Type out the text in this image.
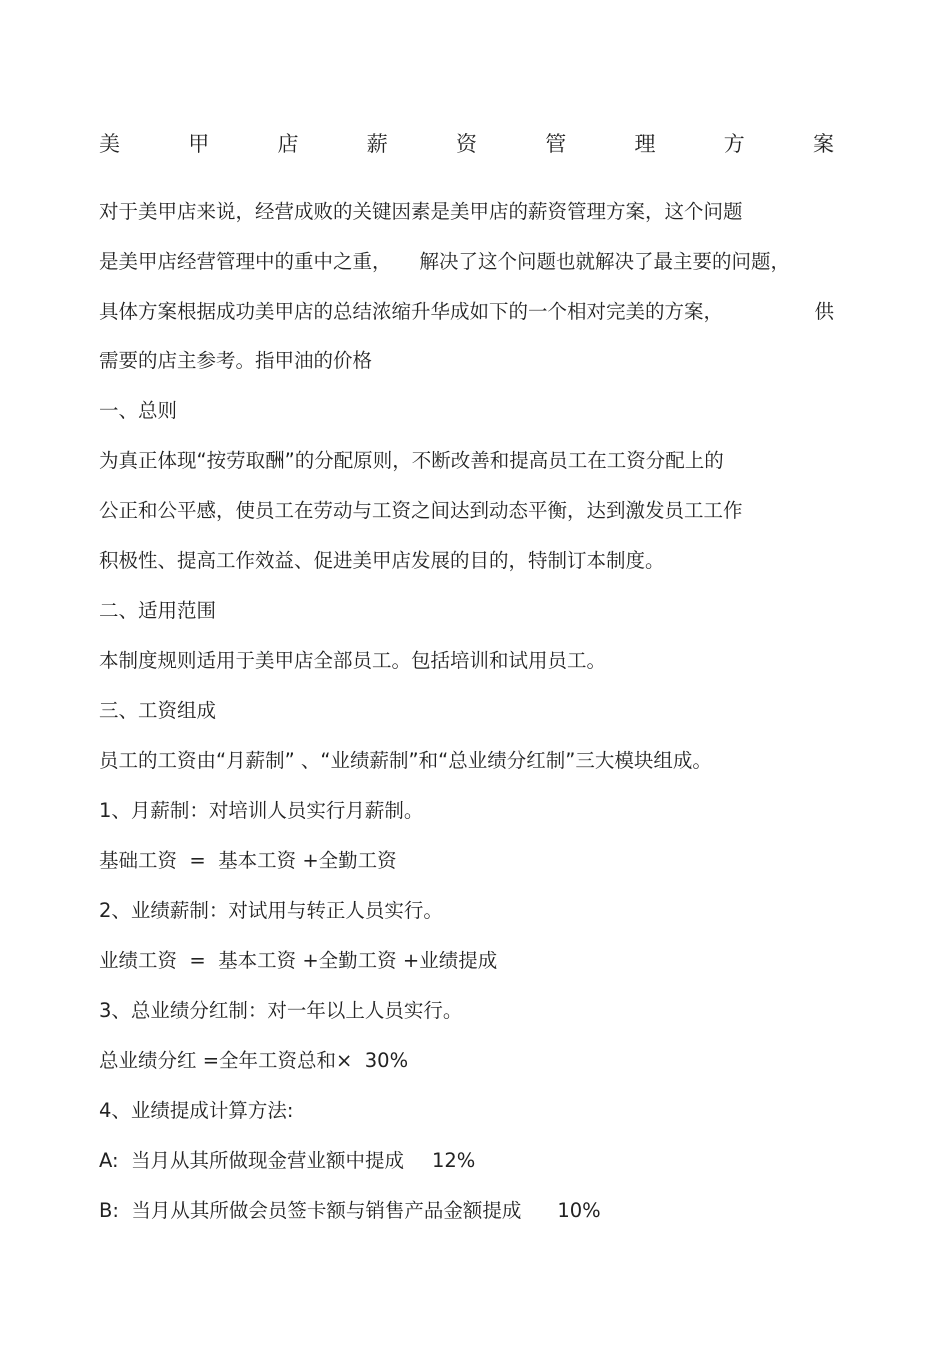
美	甲	店	薪	资	管	理	方	案

对于美甲店来说，经营成败的关键因素是美甲店的薪资管理方案，这个问题

是美甲店经营管理中的重中之重， 解决了这个问题也就解决了最主要的问题，

具体方案根据成功美甲店的总结浓缩升华成如下的一个相对完美的方案，	供

需要的店主参考。指甲油的价格

一、总则

为真正体现“按劳取酬”的分配原则，不断改善和提高员工在工资分配上的

公正和公平感，使员工在劳动与工资之间达到动态平衡，达到激发员工工作

积极性、提高工作效益、促进美甲店发展的目的，特制订本制度。

二、适用范围

本制度规则适用于美甲店全部员工。包括培训和试用员工。

三、工资组成

员工的工资由“月薪制” 、“业绩薪制”和“总业绩分红制”三大模块组成。

1、月薪制：对培训人员实行月薪制。

基础工资  =  基本工资 +全勤工资

2、业绩薪制：对试用与转正人员实行。

业绩工资  =  基本工资 +全勤工资 +业绩提成

3、总业绩分红制：对一年以上人员实行。

总业绩分红 =全年工资总和×  30%

4、业绩提成计算方法:

A:  当月从其所做现金营业额中提成 12%

B:  当月从其所做会员签卡额与销售产品金额提成 10%
